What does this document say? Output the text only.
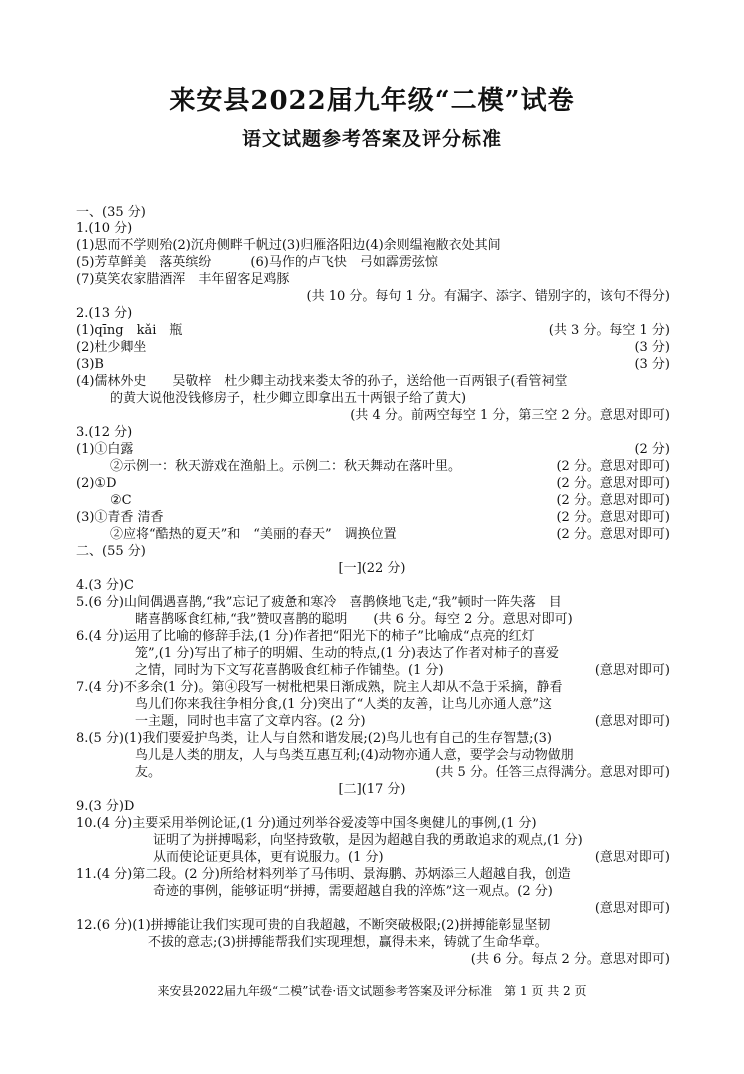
来安县2022届九年级“二模”试卷
语文试题参考答案及评分标准
一、(35 分)
1.(10 分)
(1)思而不学则殆(2)沉舟侧畔千帆过(3)归雁洛阳边(4)余则缊袍敝衣处其间
(5)芳草鲜美　落英缤纷　　　(6)马作的卢飞快　弓如霹雳弦惊
(7)莫笑农家腊酒浑　丰年留客足鸡豚
(共 10 分。每句 1 分。有漏字、添字、错别字的，该句不得分)
2.(13 分)
(1)qīng　kǎi　瓶	(共 3 分。每空 1 分)
(2)杜少卿坐	(3 分)
(3)B	(3 分)
(4)儒林外史　　吴敬梓　杜少卿主动找来娄太爷的孙子，送给他一百两银子(看管祠堂
的黄大说他没钱修房子，杜少卿立即拿出五十两银子给了黄大)
(共 4 分。前两空每空 1 分，第三空 2 分。意思对即可)
3.(12 分)
(1)①白露	(2 分)
②示例一：秋天游戏在渔船上。示例二：秋天舞动在落叶里。	(2 分。意思对即可)
(2)①D	(2 分。意思对即可)
②C	(2 分。意思对即可)
(3)①青香 清香	(2 分。意思对即可)
②应将“酷热的夏天”和　“美丽的春天”　调换位置	(2 分。意思对即可)
二、(55 分)
[一](22 分)
4.(3 分)C
5.(6 分)山间偶遇喜鹊,“我”忘记了疲惫和寒冷　喜鹊倏地飞走,“我”顿时一阵失落　目
睹喜鹊啄食红柿,“我”赞叹喜鹊的聪明　　(共 6 分。每空 2 分。意思对即可)
6.(4 分)运用了比喻的修辞手法,(1 分)作者把“阳光下的柿子”比喻成“点亮的红灯
笼”,(1 分)写出了柿子的明媚、生动的特点,(1 分)表达了作者对柿子的喜爱
之情，同时为下文写花喜鹊吸食红柿子作铺垫。(1 分)	(意思对即可)
7.(4 分)不多余(1 分)。第④段写一树枇杷果日渐成熟，院主人却从不急于采摘，静看
鸟儿们你来我往争相分食,(1 分)突出了“人类的友善，让鸟儿亦通人意”这
一主题，同时也丰富了文章内容。(2 分)	(意思对即可)
8.(5 分)(1)我们要爱护鸟类，让人与自然和谐发展;(2)鸟儿也有自己的生存智慧;(3)
鸟儿是人类的朋友，人与鸟类互惠互利;(4)动物亦通人意，要学会与动物做朋
友。	(共 5 分。任答三点得满分。意思对即可)
[二](17 分)
9.(3 分)D
10.(4 分)主要采用举例论证,(1 分)通过列举谷爱凌等中国冬奥健儿的事例,(1 分)
证明了为拼搏喝彩，向坚持致敬，是因为超越自我的勇敢追求的观点,(1 分)
从而使论证更具体，更有说服力。(1 分)	(意思对即可)
11.(4 分)第二段。(2 分)所给材料列举了马伟明、景海鹏、苏炳添三人超越自我，创造
奇迹的事例，能够证明“拼搏，需要超越自我的淬炼”这一观点。(2 分)
(意思对即可)
12.(6 分)(1)拼搏能让我们实现可贵的自我超越，不断突破极限;(2)拼搏能彰显坚韧
不拔的意志;(3)拼搏能帮我们实现理想，赢得未来，铸就了生命华章。
(共 6 分。每点 2 分。意思对即可)
来安县2022届九年级“二模”试卷·语文试题参考答案及评分标准　第 1 页 共 2 页
